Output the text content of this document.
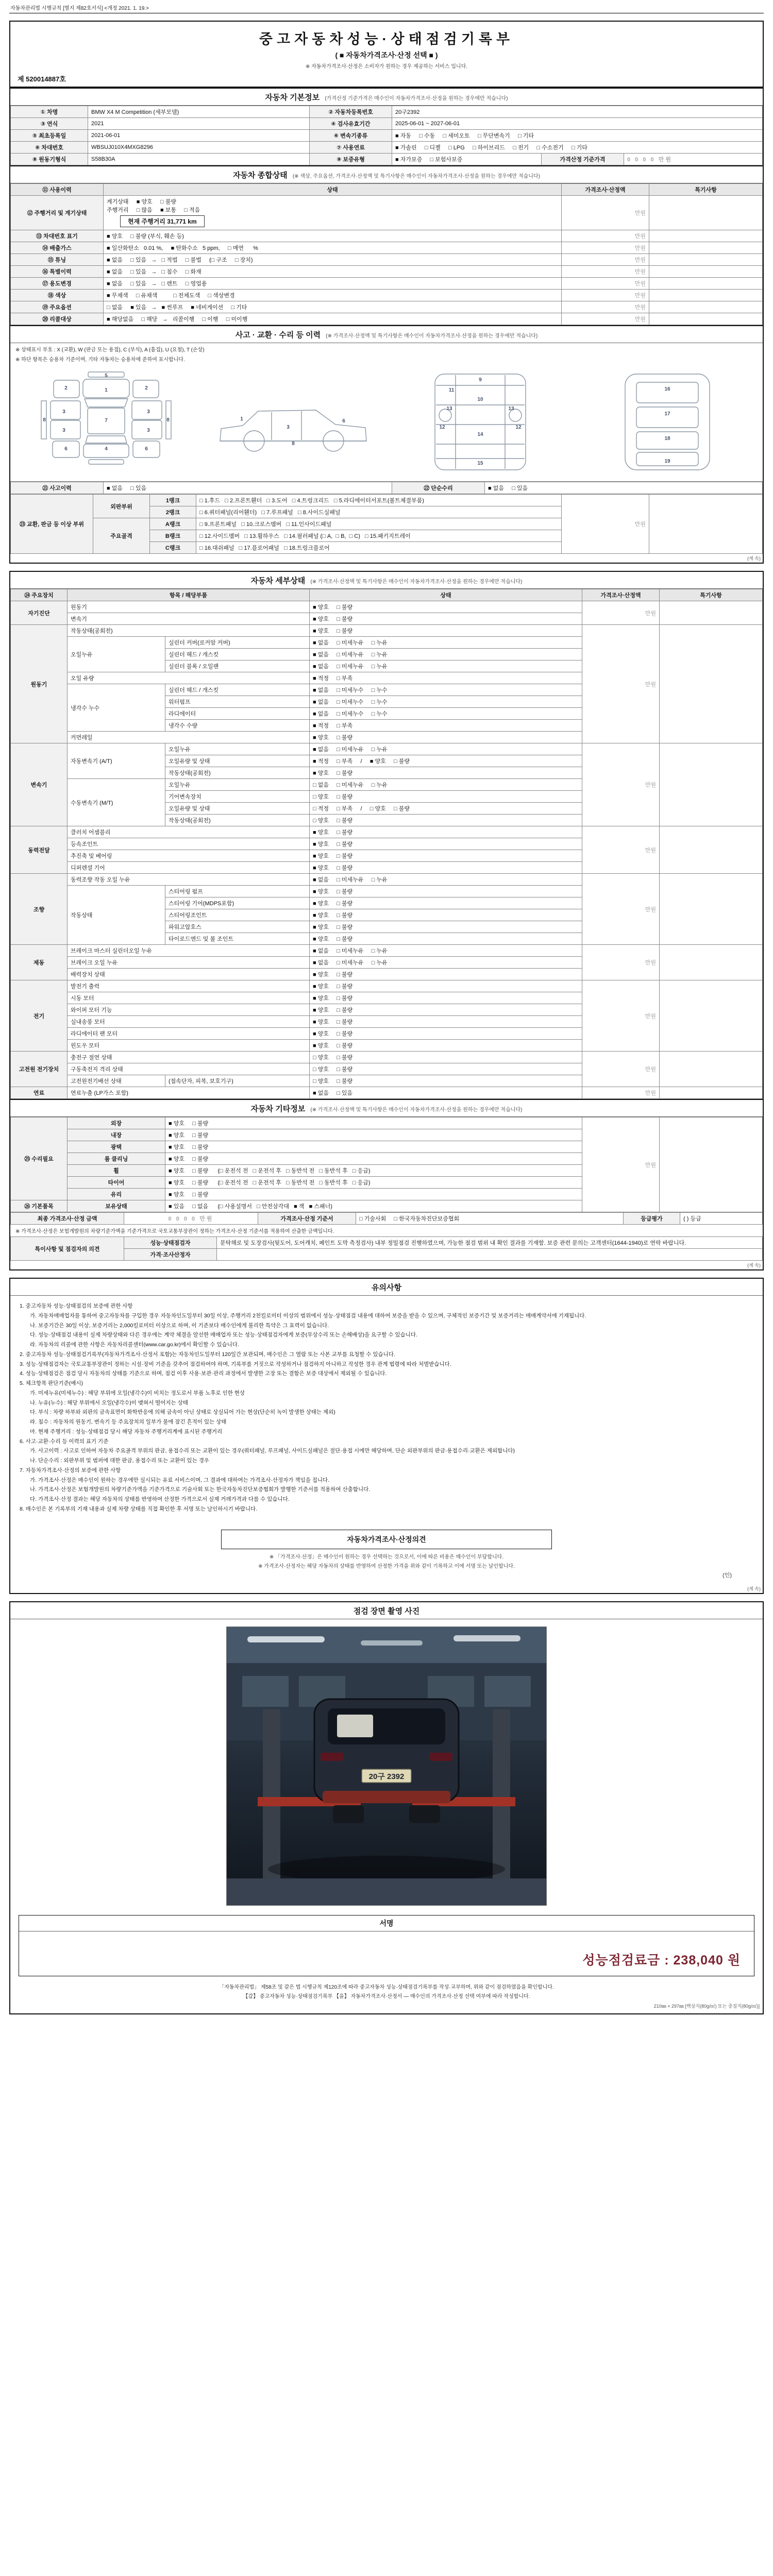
자동차관리법 시행규칙 [별지 제82호서식] <개정 2021. 1. 19.>
중고자동차성능·상태점검기록부
( ■ 자동차가격조사·산정 선택 ■ )
※ 자동차가격조사·산정은 소비자가 원하는 경우 제공하는 서비스 입니다.
제 520014887호
자동차 기본정보 (가격산정 기준가격은 매수인이 자동차가격조사·산정을 원하는 경우에만 적습니다)
① 차명	BMW X4 M Competition (세부모델)	② 자동차등록번호	20구2392		
③ 연식	2021	④ 검사유효기간	2025-06-01 ~ 2027-06-01		
⑤ 최초등록일	2021-06-01	⑥ 변속기종류	■ 자동     □ 수동     □ 세미오토     □ 무단변속기     □ 기타		
⑥ 차대번호	WBSUJ010X4MXG8296	⑦ 사용연료	■ 가솔린     □ 디젤     □ LPG     □ 하이브리드     □ 전기     □ 수소전기     □ 기타		
⑧ 원동기형식	S58B30A	⑨ 보증유형	■ 자가보증     □ 보험사보증	가격산정 기준가격	0 0 0 0 만원
자동차 종합상태 (※ 색상, 주요옵션, 가격조사·산정액 및 특기사항은 매수인이 자동차가격조사·산정을 원하는 경우에만 적습니다)
⑪ 사용이력	상태	가격조사·산정액	특기사항
⑫ 주행거리 및 계기상태	계기상태     ■ 양호     □ 불량
주행거리     □ 많음     ■ 보통     □ 적음
현재 주행거리 31,771 km	만원	
⑬ 차대번호 표기	■ 양호     □ 불량 (부식, 훼손 등)	만원	
⑭ 배출가스	■ 일산화탄소   0.01 %,     ■ 탄화수소   5 ppm,     □ 매연      %	만원	
⑮ 튜닝	■ 없음     □ 있음   →   □ 적법     □ 불법     (□ 구조     □ 장치)	만원	
⑯ 특별이력	■ 없음     □ 있음   →   □ 침수     □ 화재	만원	
⑰ 용도변경	■ 없음     □ 있음   →   □ 렌트     □ 영업용	만원	
⑱ 색상	■ 무채색     □ 유채색          □ 전체도색     □ 색상변경	만원	
⑲ 주요옵션	□ 없음     ■ 있음   →   ■ 썬루프     ■ 네비게이션     □ 기타	만원	
⑳ 리콜대상	■ 해당없음     □ 해당   →   리콜이행     □ 이행     □ 미이행	만원	
사고 · 교환 · 수리 등 이력 (※ 가격조사·산정액 및 특기사항은 매수인이 자동차가격조사·산정을 원하는 경우에만 적습니다)
※ 상태표시 부호 : X (교환), W (판금 또는 용접), C (부식), A (흠집), U (요철), T (손상)
※ 하단 항목은 승용차 기준이며, 기타 자동차는 승용차에 준하여 표시합니다.
5
1
2	2
3	3
3	3
7
4
6	6
8	8	1
3
6
8
9
10
11
13	13
12	12
14
15
16
17
18
19
㉑ 사고이력	■ 없음     □ 있음	㉒ 단순수리	■ 없음     □ 있음
㉓ 교환, 판금 등 이상 부위	외판부위	1랭크	□ 1.후드   □ 2.프론트휀더   □ 3.도어   □ 4.트렁크리드   □ 5.라디에이터서포트(볼트체결부품)	만원	
		2랭크	□ 6.쿼터패널(리어휀더)   □ 7.루프패널   □ 8.사이드실패널		
	주요골격	A랭크	□ 9.프론트패널   □ 10.크로스멤버   □ 11.인사이드패널		
		B랭크	□ 12.사이드멤버   □ 13.휠하우스   □ 14.필러패널 (□ A,  □ B,  □ C)   □ 15.패키지트레이		
		C랭크	□ 16.대쉬패널   □ 17.플로어패널   □ 18.트렁크플로어		
(계 속)
자동차 세부상태 (※ 가격조사·산정액 및 특기사항은 매수인이 자동차가격조사·산정을 원하는 경우에만 적습니다)
㉔ 주요장치	항목 / 해당부품		상태	가격조사·산정액	특기사항
자기진단	원동기		■ 양호     □ 불량	만원	
	변속기		■ 양호     □ 불량		
원동기	작동상태(공회전)		■ 양호     □ 불량	만원	
	오일누유	실린더 커버(로커암 커버)	■ 없음     □ 미세누유     □ 누유		
		실린더 헤드 / 개스킷	■ 없음     □ 미세누유     □ 누유		
		실린더 블록 / 오일팬	■ 없음     □ 미세누유     □ 누유		
	오일 유량		■ 적정     □ 부족		
	냉각수 누수	실린더 헤드 / 개스킷	■ 없음     □ 미세누수     □ 누수		
		워터펌프	■ 없음     □ 미세누수     □ 누수		
		라디에이터	■ 없음     □ 미세누수     □ 누수		
		냉각수 수량	■ 적정     □ 부족		
	커먼레일		■ 양호     □ 불량		
변속기	자동변속기 (A/T)	오일누유	■ 없음     □ 미세누유     □ 누유	만원	
		오일유량 및 상태	■ 적정     □ 부족     /     ■ 양호     □ 불량		
		작동상태(공회전)	■ 양호     □ 불량		
	수동변속기 (M/T)	오일누유	□ 없음     □ 미세누유     □ 누유		
		기어변속장치	□ 양호     □ 불량		
		오일유량 및 상태	□ 적정     □ 부족     /     □ 양호     □ 불량		
		작동상태(공회전)	□ 양호     □ 불량		
동력전달	클러치 어셈블리		■ 양호     □ 불량	만원	
	등속조인트		■ 양호     □ 불량		
	추진축 및 베어링		■ 양호     □ 불량		
	디퍼렌셜 기어		■ 양호     □ 불량		
조향	동력조향 작동 오일 누유		■ 없음     □ 미세누유     □ 누유	만원	
	작동상태	스티어링 펌프	■ 양호     □ 불량		
		스티어링 기어(MDPS포함)	■ 양호     □ 불량		
		스티어링조인트	■ 양호     □ 불량		
		파워고압호스	■ 양호     □ 불량		
		타이로드엔드 및 볼 조인트	■ 양호     □ 불량		
제동	브레이크 마스터 실린더오일 누유		■ 없음     □ 미세누유     □ 누유	만원	
	브레이크 오일 누유		■ 없음     □ 미세누유     □ 누유		
	배력장치 상태		■ 양호     □ 불량		
전기	발전기 출력		■ 양호     □ 불량	만원	
	시동 모터		■ 양호     □ 불량		
	와이퍼 모터 기능		■ 양호     □ 불량		
	실내송풍 모터		■ 양호     □ 불량		
	라디에이터 팬 모터		■ 양호     □ 불량		
	윈도우 모터		■ 양호     □ 불량		
고전원 전기장치	충전구 절연 상태		□ 양호     □ 불량	만원	
	구동축전지 격리 상태		□ 양호     □ 불량		
	고전원전기배선 상태	(접속단자, 피복, 보호기구)	□ 양호     □ 불량		
연료	연료누출 (LP가스 포함)		■ 없음     □ 있음	만원	
자동차 기타정보 (※ 가격조사·산정액 및 특기사항은 매수인이 자동차가격조사·산정을 원하는 경우에만 적습니다)
㉕ 수리필요	외장	■ 양호     □ 불량	만원	
	내장	■ 양호     □ 불량		
	광택	■ 양호     □ 불량		
	룸 클리닝	■ 양호     □ 불량		
	휠	■ 양호     □ 불량      (□ 운전석 전   □ 운전석 후   □ 동반석 전   □ 동반석 후   □ 응급)		
	타이어	■ 양호     □ 불량      (□ 운전석 전   □ 운전석 후   □ 동반석 전   □ 동반석 후   □ 응급)		
	유리	■ 양호     □ 불량		
㉖ 기본품목	보유상태	■ 있음     □ 없음      (□ 사용설명서   □ 안전삼각대   ■ 잭   ■ 스패너)		
최종 가격조사·산정 금액	0 0 0 0 만원	가격조사·산정 기준서	□ 기술사회     □ 한국자동차진단보증협회	등급평가	( ) 등급
※ 가격조사·산정은 보험개발원의 차량기준가액을 기준가격으로 국토교통부장관이 정하는 가격조사·산정 기준서를 적용하여 산출한 금액입니다.
특이사항 및 점검자의 의견	성능·상태점검자	문탁해로 및 도장검사(뒷도어, 도어캐치, 페인트 도막 측정검사) 내부 정밀점검 진행하였으며, 가능한 점검 범위 내 확인 결과를 기재함. 보증 관련 문의는 고객센터(1644-1940)로 연락 바랍니다.
	가격·조사산정자	
(계 속)
유의사항

1. 중고자동차 성능·상태점검의 보증에 관한 사항

가. 자동차매매업자를 통하여 중고자동차를 구입한 경우 자동차인도일부터 30일 이상, 주행거리 2천킬로미터 이상의 범위에서 성능·상태점검 내용에 대하여 보증을 받을 수 있으며, 구체적인 보증기간 및 보증거리는 매매계약서에 기재됩니다.

나. 보증기간은 30일 이상, 보증거리는 2,000킬로미터 이상으로 하며, 이 기준보다 매수인에게 불리한 특약은 그 효력이 없습니다.

다. 성능·상태점검 내용이 실제 차량상태와 다른 경우에는 계약 체결을 알선한 매매업자 또는 성능·상태점검자에게 보증(무상수리 또는 손해배상)을 요구할 수 있습니다.

라. 자동차의 리콜에 관한 사항은 자동차리콜센터(www.car.go.kr)에서 확인할 수 있습니다.

2. 중고자동차 성능·상태점검기록부(자동차가격조사·산정서 포함)는 자동차인도일부터 120일간 보관되며, 매수인은 그 열람 또는 사본 교부를 요청할 수 있습니다.

3. 성능·상태점검자는 국토교통부장관이 정하는 시설·장비 기준을 갖추어 점검하여야 하며, 기록부를 거짓으로 작성하거나 점검하지 아니하고 작성한 경우 관계 법령에 따라 처벌받습니다.

4. 성능·상태점검은 점검 당시 자동차의 상태를 기준으로 하며, 점검 이후 사용·보관·관리 과정에서 발생한 고장 또는 결함은 보증 대상에서 제외될 수 있습니다.

5. 체크항목 판단기준(예시)

가. 미세누유(미세누수) : 해당 부위에 오일(냉각수)이 비치는 정도로서 부품 노후로 인한 현상

나. 누유(누수) : 해당 부위에서 오일(냉각수)이 맺혀서 떨어지는 상태

다. 부식 : 차량 하부와 외판의 금속표면이 화학반응에 의해 금속이 아닌 상태로 상실되어 가는 현상(단순히 녹이 발생한 상태는 제외)

라. 침수 : 자동차의 원동기, 변속기 등 주요장치의 일부가 물에 잠긴 흔적이 있는 상태

마. 현재 주행거리 : 성능·상태점검 당시 해당 자동차 주행거리계에 표시된 주행거리

6. 사고·교환·수리 등 이력의 표기 기준

가. 사고이력 : 사고로 인하여 자동차 주요골격 부위의 판금, 용접수리 또는 교환이 있는 경우(쿼터패널, 루프패널, 사이드실패널은 절단·용접 시에만 해당하며, 단순 외판부위의 판금·용접수리·교환은 제외합니다)

나. 단순수리 : 외판부위 및 범퍼에 대한 판금, 용접수리 또는 교환이 있는 경우

7. 자동차가격조사·산정의 보증에 관한 사항

가. 가격조사·산정은 매수인이 원하는 경우에만 실시되는 유료 서비스이며, 그 결과에 대하여는 가격조사·산정자가 책임을 집니다.

나. 가격조사·산정은 보험개발원의 차량기준가액을 기준가격으로 기술사회 또는 한국자동차진단보증협회가 발행한 기준서를 적용하여 산출합니다.

다. 가격조사·산정 결과는 해당 자동차의 상태를 반영하여 산정한 가격으로서 실제 거래가격과 다를 수 있습니다.

8. 매수인은 본 기록부의 기재 내용과 실제 차량 상태를 직접 확인한 후 서명 또는 날인하시기 바랍니다.

자동차가격조사·산정의견
※ 「가격조사·산정」은 매수인이 원하는 경우 선택하는 것으로서, 이에 따른 비용은 매수인이 부담합니다.
※ 가격조사·산정자는 해당 자동차의 상태를 반영하여 산정한 가격을 위와 같이 기록하고 이에 서명 또는 날인합니다.
(인)
(계 속)
점검 장면 촬영 사진
20구 2392
서명
성능점검료금 : 238,040 원
「자동차관리법」 제58조 및 같은 법 시행규칙 제120조에 따라 중고자동차 성능·상태점검기록부를 작성·교부하며, 위와 같이 점검하였음을 확인합니다.
【갑】 중고자동차 성능·상태점검기록부 【을】 자동차가격조사·산정서 — 매수인의 가격조사·산정 선택 여부에 따라 작성합니다.
210㎜ × 297㎜ [백상지(80g/㎡) 또는 중질지(80g/㎡)]
